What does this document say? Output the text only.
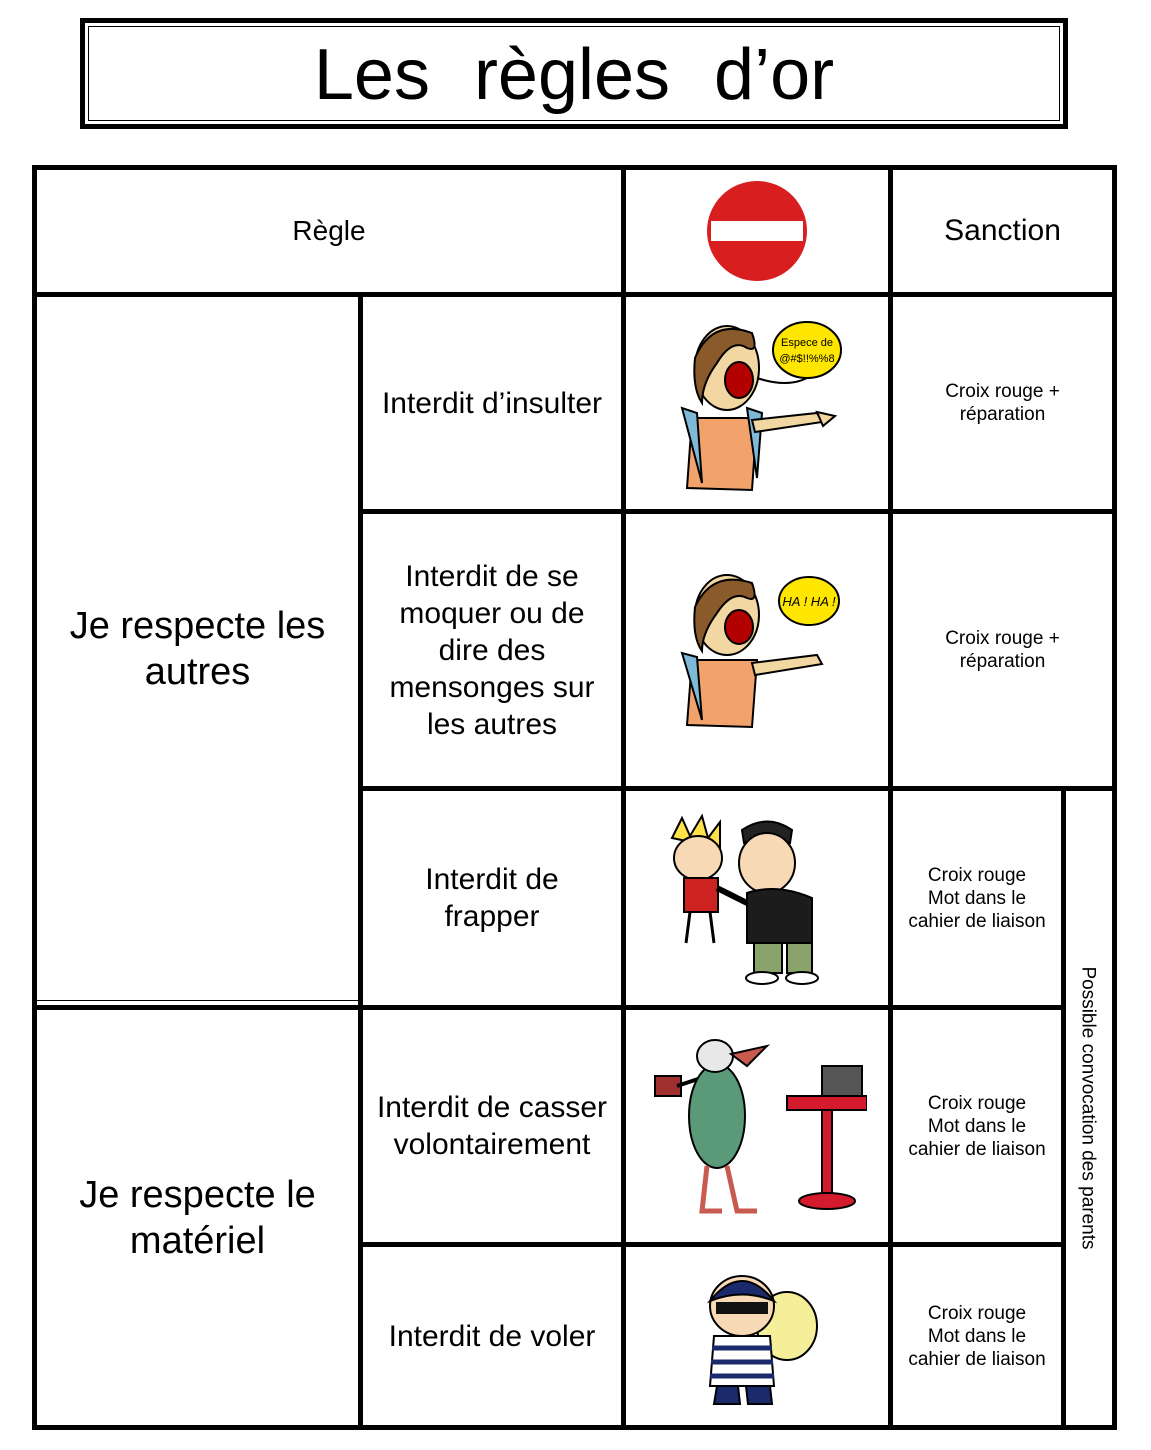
Les règles d’or
Règle	Sanction
Je respecte les autres
Je respecte le matériel
Interdit d’insulter
Interdit de se moquer ou de dire des mensonges sur les autres
Interdit de frapper
Interdit de casser volontairement
Interdit de voler
Espece de
@#$!!%%8
HA ! HA !
Croix rouge +
réparation
Croix rouge +
réparation
Croix rouge
Mot dans le
cahier de liaison
Croix rouge
Mot dans le
cahier de liaison
Croix rouge
Mot dans le
cahier de liaison
Possible convocation des parents
